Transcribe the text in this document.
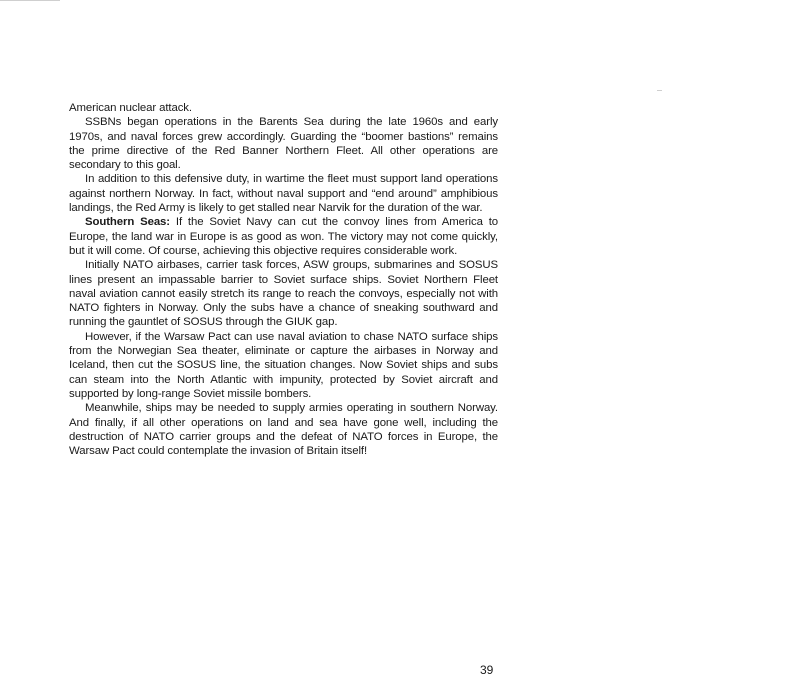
American nuclear attack.

SSBNs began operations in the Barents Sea during the late 1960s and early 1970s, and naval forces grew accordingly. Guarding the “boomer bastions” remains the prime directive of the Red Banner Northern Fleet. All other operations are secondary to this goal.

In addition to this defensive duty, in wartime the fleet must support land operations against northern Norway. In fact, without naval support and “end around” amphibious landings, the Red Army is likely to get stalled near Narvik for the duration of the war.

Southern Seas: If the Soviet Navy can cut the convoy lines from America to Europe, the land war in Europe is as good as won. The victory may not come quickly, but it will come. Of course, achieving this objective requires considerable work.

Initially NATO airbases, carrier task forces, ASW groups, submarines and SOSUS lines present an impassable barrier to Soviet surface ships. Soviet Northern Fleet naval aviation cannot easily stretch its range to reach the convoys, especially not with NATO fighters in Norway. Only the subs have a chance of sneaking southward and running the gauntlet of SOSUS through the GIUK gap.

However, if the Warsaw Pact can use naval aviation to chase NATO surface ships from the Norwegian Sea theater, eliminate or capture the airbases in Norway and Iceland, then cut the SOSUS line, the situation changes. Now Soviet ships and subs can steam into the North Atlantic with impunity, protected by Soviet aircraft and supported by long-range Soviet missile bombers.

Meanwhile, ships may be needed to supply armies operating in southern Norway. And finally, if all other operations on land and sea have gone well, including the destruction of NATO carrier groups and the defeat of NATO forces in Europe, the Warsaw Pact could contemplate the invasion of Britain itself!

39
